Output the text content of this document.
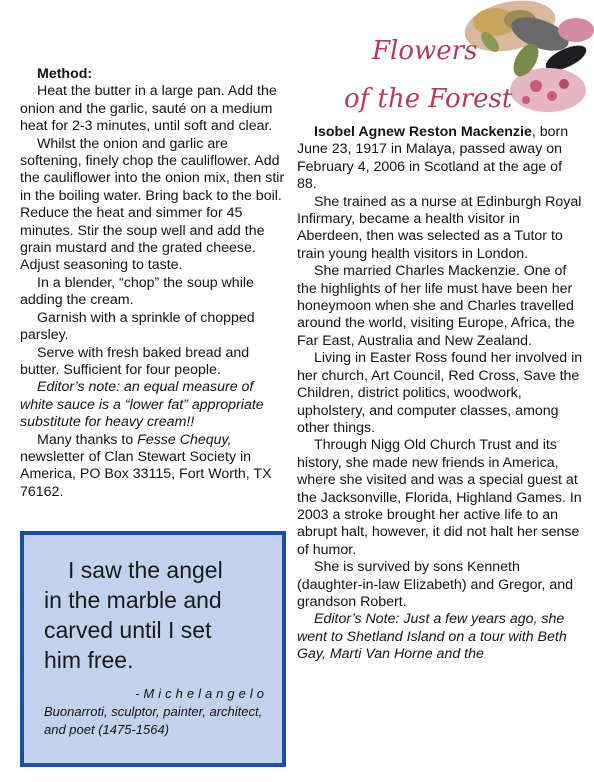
Flowers
of the Forest
Method:

Heat the butter in a large pan. Add the onion and the garlic, sauté on a medium heat for 2-3 minutes, until soft and clear.

Whilst the onion and garlic are softening, finely chop the cauliflower. Add the cauliflower into the onion mix, then stir in the boiling water. Bring back to the boil. Reduce the heat and simmer for 45 minutes. Stir the soup well and add the grain mustard and the grated cheese. Adjust seasoning to taste.

In a blender, “chop” the soup while adding the cream.

Garnish with a sprinkle of chopped parsley.

Serve with fresh baked bread and butter. Sufficient for four people.

Editor’s note: an equal measure of white sauce is a “lower fat” appropriate substitute for heavy cream!!

Many thanks to Fesse Chequy, newsletter of Clan Stewart Society in America, PO Box 33115, Fort Worth, TX 76162.

I saw the angel
in the marble and
carved until I set
him free.

-Michelangelo
Buonarroti, sculptor, painter, architect, and poet (1475-1564)

Isobel Agnew Reston Mackenzie, born June 23, 1917 in Malaya, passed away on February 4, 2006 in Scotland at the age of 88.

She trained as a nurse at Edinburgh Royal Infirmary, became a health visitor in Aberdeen, then was selected as a Tutor to train young health visitors in London.

She married Charles Mackenzie. One of the highlights of her life must have been her honeymoon when she and Charles travelled around the world, visiting Europe, Africa, the Far East, Australia and New Zealand.

Living in Easter Ross found her involved in her church, Art Council, Red Cross, Save the Children, district politics, woodwork, upholstery, and computer classes, among other things.

Through Nigg Old Church Trust and its history, she made new friends in America, where she visited and was a special guest at the Jacksonville, Florida, Highland Games. In 2003 a stroke brought her active life to an abrupt halt, however, it did not halt her sense of humor.

She is survived by sons Kenneth (daughter-in-law Elizabeth) and Gregor, and grandson Robert.

Editor’s Note: Just a few years ago, she went to Shetland Island on a tour with Beth Gay, Marti Van Horne and the
